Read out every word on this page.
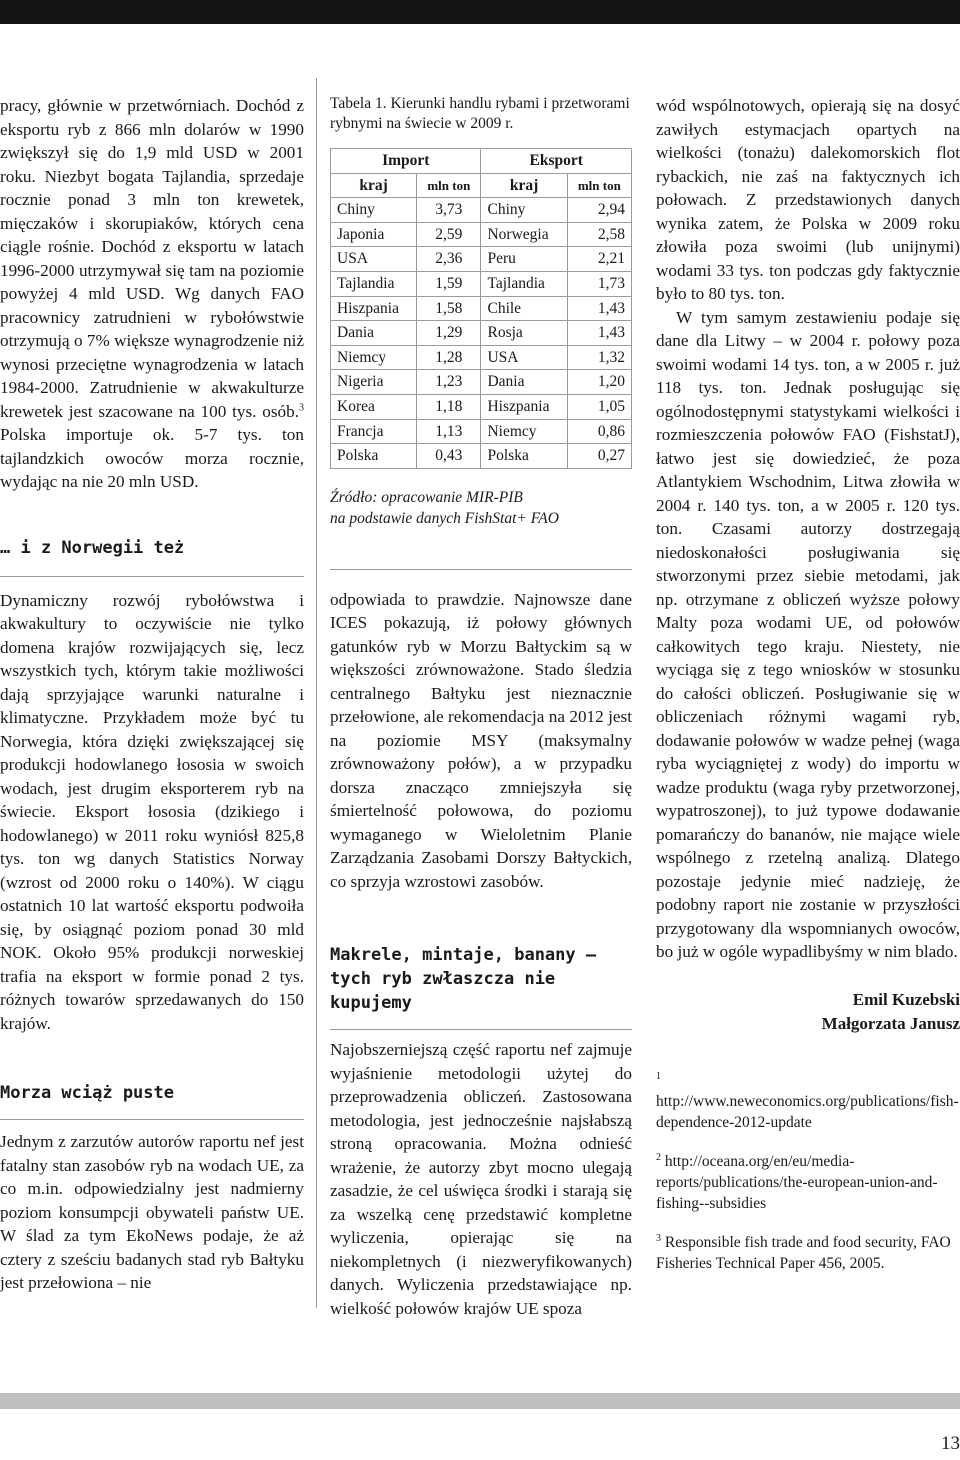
pracy, głównie w przetwórniach. Dochód z eksportu ryb z 866 mln dolarów w 1990 zwiększył się do 1,9 mld USD w 2001 roku. Niezbyt bogata Tajlandia, sprzedaje rocznie ponad 3 mln ton krewetek, mięczaków i skorupiaków, których cena ciągle rośnie. Dochód z eksportu w latach 1996-2000 utrzymywał się tam na poziomie powyżej 4 mld USD. Wg danych FAO pracownicy zatrudnieni w rybołówstwie otrzymują o 7% większe wynagrodzenie niż wynosi przeciętne wynagrodzenia w latach 1984-2000. Zatrudnienie w akwakulturze krewetek jest szacowane na 100 tys. osób.$^3$ Polska importuje ok. 5-7 tys. ton tajlandzkich owoców morza rocznie, wydając na nie 20 mln USD.

… i z Norwegii też

Dynamiczny rozwój rybołówstwa i akwakultury to oczywiście nie tylko domena krajów rozwijających się, lecz wszystkich tych, którym takie możliwości dają sprzyjające warunki naturalne i klimatyczne. Przykładem może być tu Norwegia, która dzięki zwiększającej się produkcji hodowlanego łososia w swoich wodach, jest drugim eksporterem ryb na świecie. Eksport łososia (dzikiego i hodowlanego) w 2011 roku wyniósł 825,8 tys. ton wg danych Statistics Norway (wzrost od 2000 roku o 140%). W ciągu ostatnich 10 lat wartość eksportu podwoiła się, by osiągnąć poziom ponad 30 mld NOK. Około 95% produkcji norweskiej trafia na eksport w formie ponad 2 tys. różnych towarów sprzedawanych do 150 krajów.

Morza wciąż puste

Jednym z zarzutów autorów raportu nef jest fatalny stan zasobów ryb na wodach UE, za co m.in. odpowiedzialny jest nadmierny poziom konsumpcji obywateli państw UE. W ślad za tym EkoNews podaje, że aż cztery z sześciu badanych stad ryb Bałtyku jest przełowiona – nie

Tabela 1. Kierunki handlu rybami i przetworami rybnymi na świecie w 2009 r.

Import		Eksport	
kraj	mln ton	kraj	mln ton
Chiny	3,73	Chiny	2,94
Japonia	2,59	Norwegia	2,58
USA	2,36	Peru	2,21
Tajlandia	1,59	Tajlandia	1,73
Hiszpania	1,58	Chile	1,43
Dania	1,29	Rosja	1,43
Niemcy	1,28	USA	1,32
Nigeria	1,23	Dania	1,20
Korea	1,18	Hiszpania	1,05
Francja	1,13	Niemcy	0,86
Polska	0,43	Polska	0,27

Źródło: opracowanie MIR-PIB
na podstawie danych FishStat+ FAO

odpowiada to prawdzie. Najnowsze dane ICES pokazują, iż połowy głównych gatunków ryb w Morzu Bałtyckim są w większości zrównoważone. Stado śledzia centralnego Bałtyku jest nieznacznie przełowione, ale rekomendacja na 2012 jest na poziomie MSY (maksymalny zrównoważony połów), a w przypadku dorsza znacząco zmniejszyła się śmiertelność połowowa, do poziomu wymaganego w Wieloletnim Planie Zarządzania Zasobami Dorszy Bałtyckich, co sprzyja wzrostowi zasobów.

Makrele, mintaje, banany –
tych ryb zwłaszcza nie kupujemy

Najobszerniejszą część raportu nef zajmuje wyjaśnienie metodologii użytej do przeprowadzenia obliczeń. Zastosowana metodologia, jest jednocześnie najsłabszą stroną opracowania. Można odnieść wrażenie, że autorzy zbyt mocno ulegają zasadzie, że cel uświęca środki i starają się za wszelką cenę przedstawić kompletne wyliczenia, opierając się na niekompletnych (i niezweryfikowanych) danych. Wyliczenia przedstawiające np. wielkość połowów krajów UE spoza

wód wspólnotowych, opierają się na dosyć zawiłych estymacjach opartych na wielkości (tonażu) dalekomorskich flot rybackich, nie zaś na faktycznych ich połowach. Z przedstawionych danych wynika zatem, że Polska w 2009 roku złowiła poza swoimi (lub unijnymi) wodami 33 tys. ton podczas gdy faktycznie było to 80 tys. ton.

W tym samym zestawieniu podaje się dane dla Litwy – w 2004 r. połowy poza swoimi wodami 14 tys. ton, a w 2005 r. już 118 tys. ton. Jednak posługując się ogólnodostępnymi statystykami wielkości i rozmieszczenia połowów FAO (FishstatJ), łatwo jest się dowiedzieć, że poza Atlantykiem Wschodnim, Litwa złowiła w 2004 r. 140 tys. ton, a w 2005 r. 120 tys. ton. Czasami autorzy dostrzegają niedoskonałości posługiwania się stworzonymi przez siebie metodami, jak np. otrzymane z obliczeń wyższe połowy Malty poza wodami UE, od połowów całkowitych tego kraju. Niestety, nie wyciąga się z tego wniosków w stosunku do całości obliczeń. Posługiwanie się w obliczeniach różnymi wagami ryb, dodawanie połowów w wadze pełnej (waga ryba wyciągniętej z wody) do importu w wadze produktu (waga ryby przetworzonej, wypatroszonej), to już typowe dodawanie pomarańczy do bananów, nie mające wiele wspólnego z rzetelną analizą. Dlatego pozostaje jedynie mieć nadzieję, że podobny raport nie zostanie w przyszłości przygotowany dla wspomnianych owoców, bo już w ogóle wypadlibyśmy w nim blado.

Emil Kuzebski

Małgorzata Janusz

$^1$ http://www.neweconomics.org/publications/fish-dependence-2012-update

$^2$ http://oceana.org/en/eu/media-reports/publications/the-european-union-and-fishing--subsidies

$^3$ Responsible fish trade and food security, FAO Fisheries Technical Paper 456, 2005.

13
